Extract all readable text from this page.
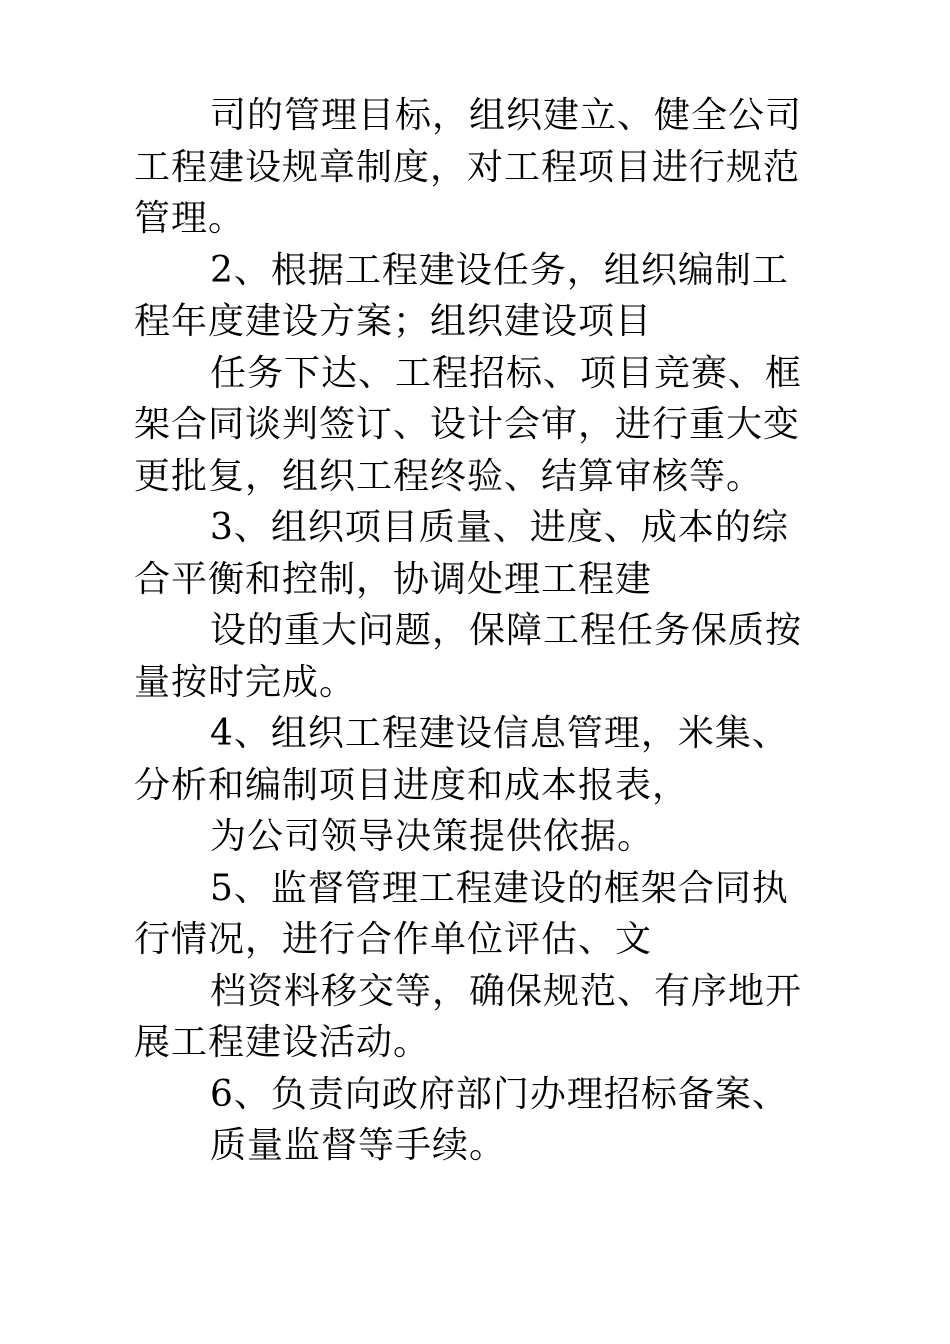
司的管理目标，组织建立、健全公司
工程建设规章制度，对工程项目进行规范
管理。
2、根据工程建设任务，组织编制工
程年度建设方案；组织建设项目
任务下达、工程招标、项目竞赛、框
架合同谈判签订、设计会审，进行重大变
更批复，组织工程终验、结算审核等。
3、组织项目质量、进度、成本的综
合平衡和控制，协调处理工程建
设的重大问题，保障工程任务保质按
量按时完成。
4、组织工程建设信息管理，米集、
分析和编制项目进度和成本报表，
为公司领导决策提供依据。
5、监督管理工程建设的框架合同执
行情况，进行合作单位评估、文
档资料移交等，确保规范、有序地开
展工程建设活动。
6、负责向政府部门办理招标备案、
质量监督等手续。
